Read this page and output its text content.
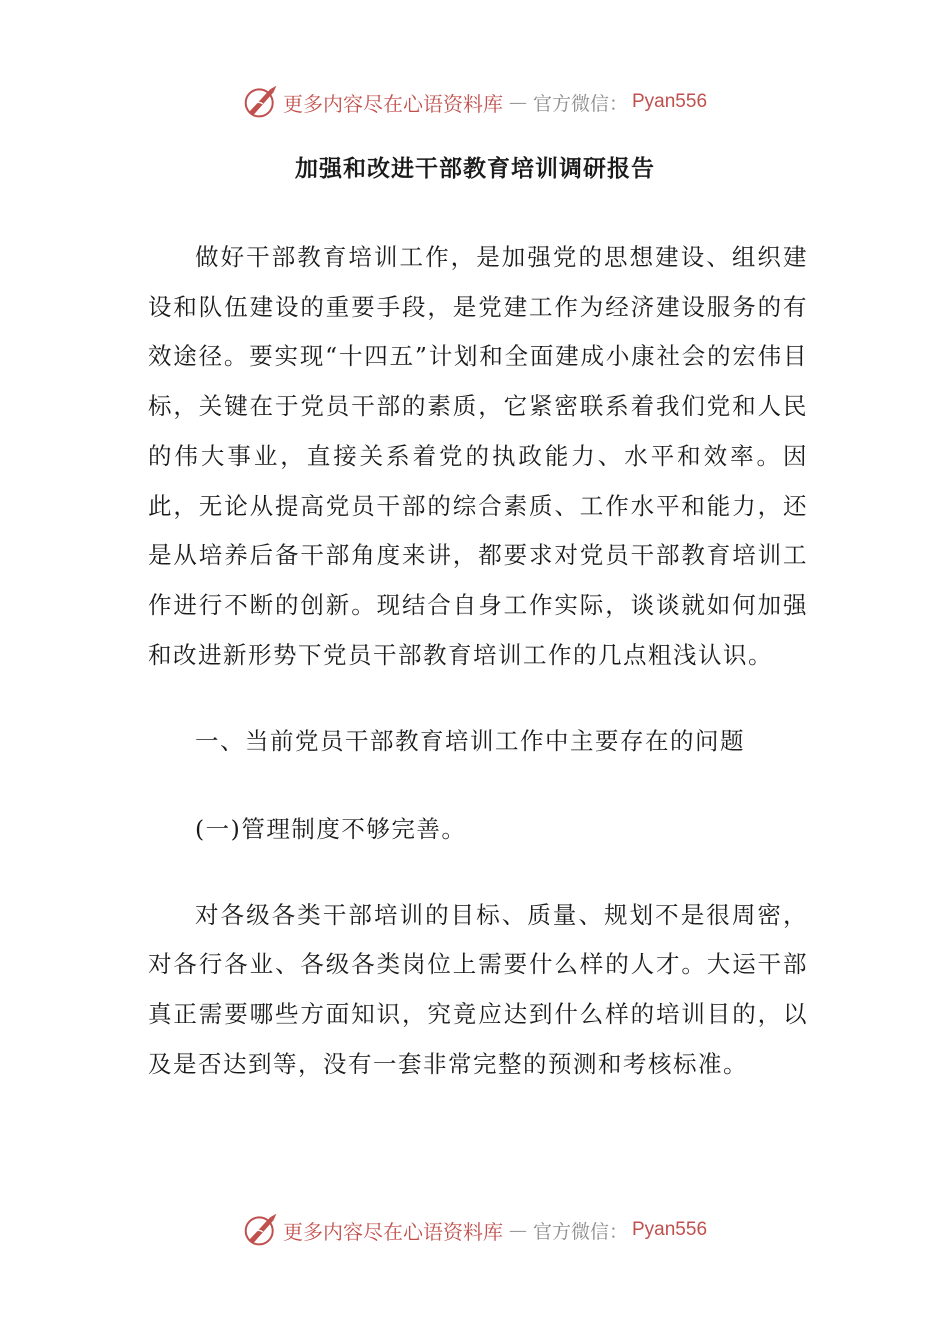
更多内容尽在心语资料库 — 官方微信： Pyan556
加强和改进干部教育培训调研报告

做好干部教育培训工作，是加强党的思想建设、组织建设和队伍建设的重要手段，是党建工作为经济建设服务的有效途径。要实现“十四五”计划和全面建成小康社会的宏伟目标，关键在于党员干部的素质，它紧密联系着我们党和人民的伟大事业，直接关系着党的执政能力、水平和效率。因此，无论从提高党员干部的综合素质、工作水平和能力，还是从培养后备干部角度来讲，都要求对党员干部教育培训工作进行不断的创新。现结合自身工作实际，谈谈就如何加强和改进新形势下党员干部教育培训工作的几点粗浅认识。

一、当前党员干部教育培训工作中主要存在的问题

(一)管理制度不够完善。

对各级各类干部培训的目标、质量、规划不是很周密，对各行各业、各级各类岗位上需要什么样的人才。大运干部真正需要哪些方面知识，究竟应达到什么样的培训目的，以及是否达到等，没有一套非常完整的预测和考核标准。

更多内容尽在心语资料库 — 官方微信： Pyan556
